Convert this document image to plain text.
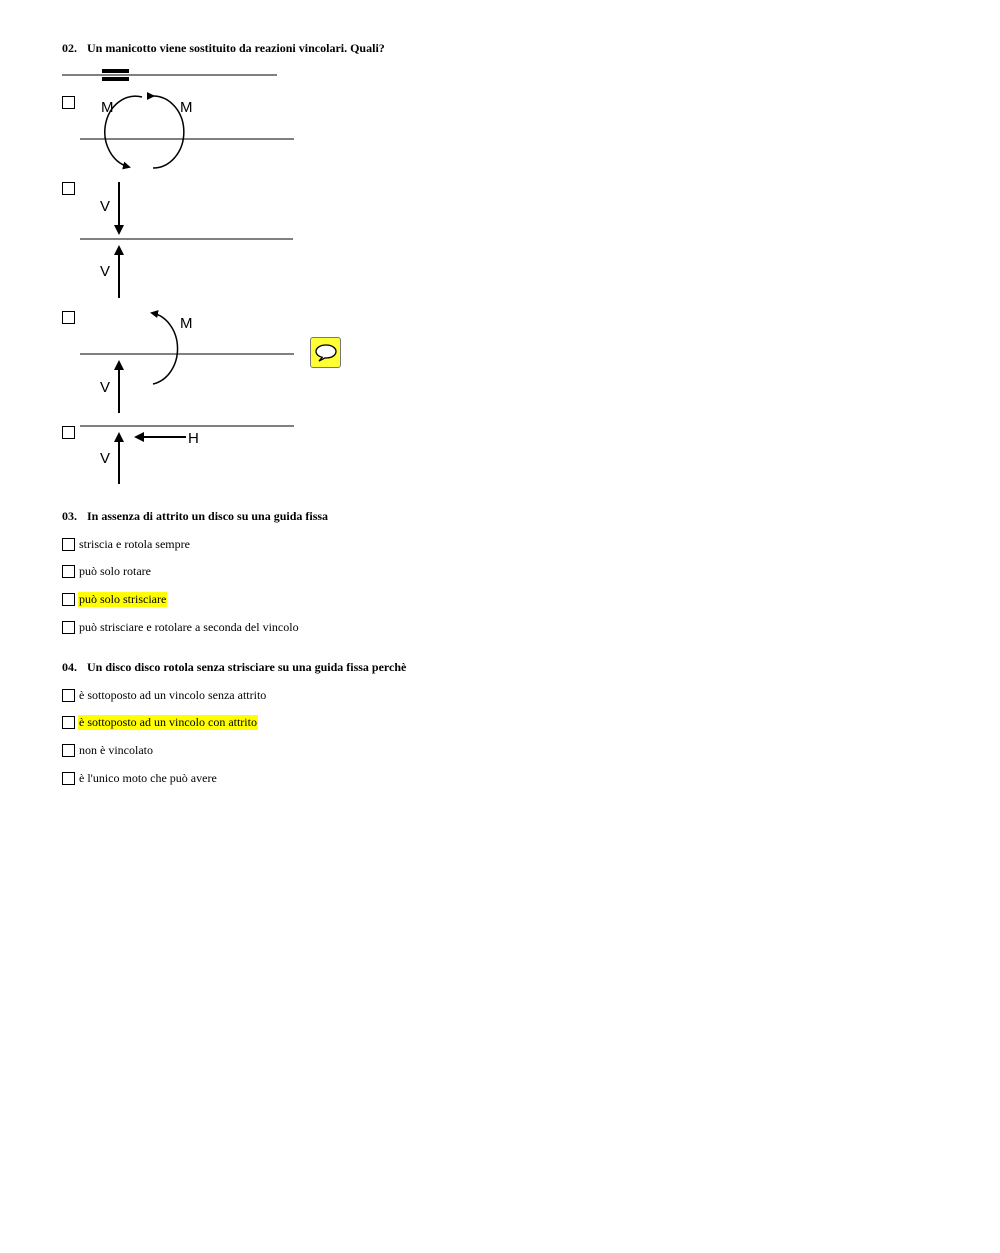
02. Un manicotto viene sostituito da reazioni vincolari. Quali?
M	M
V
V
M
V
H
V
03. In assenza di attrito un disco su una guida fissa
striscia e rotola sempre
può solo rotare
può solo strisciare
può strisciare e rotolare a seconda del vincolo
04. Un disco disco rotola senza strisciare su una guida fissa perchè
è sottoposto ad un vincolo senza attrito
è sottoposto ad un vincolo con attrito
non è vincolato
è l'unico moto che può avere
